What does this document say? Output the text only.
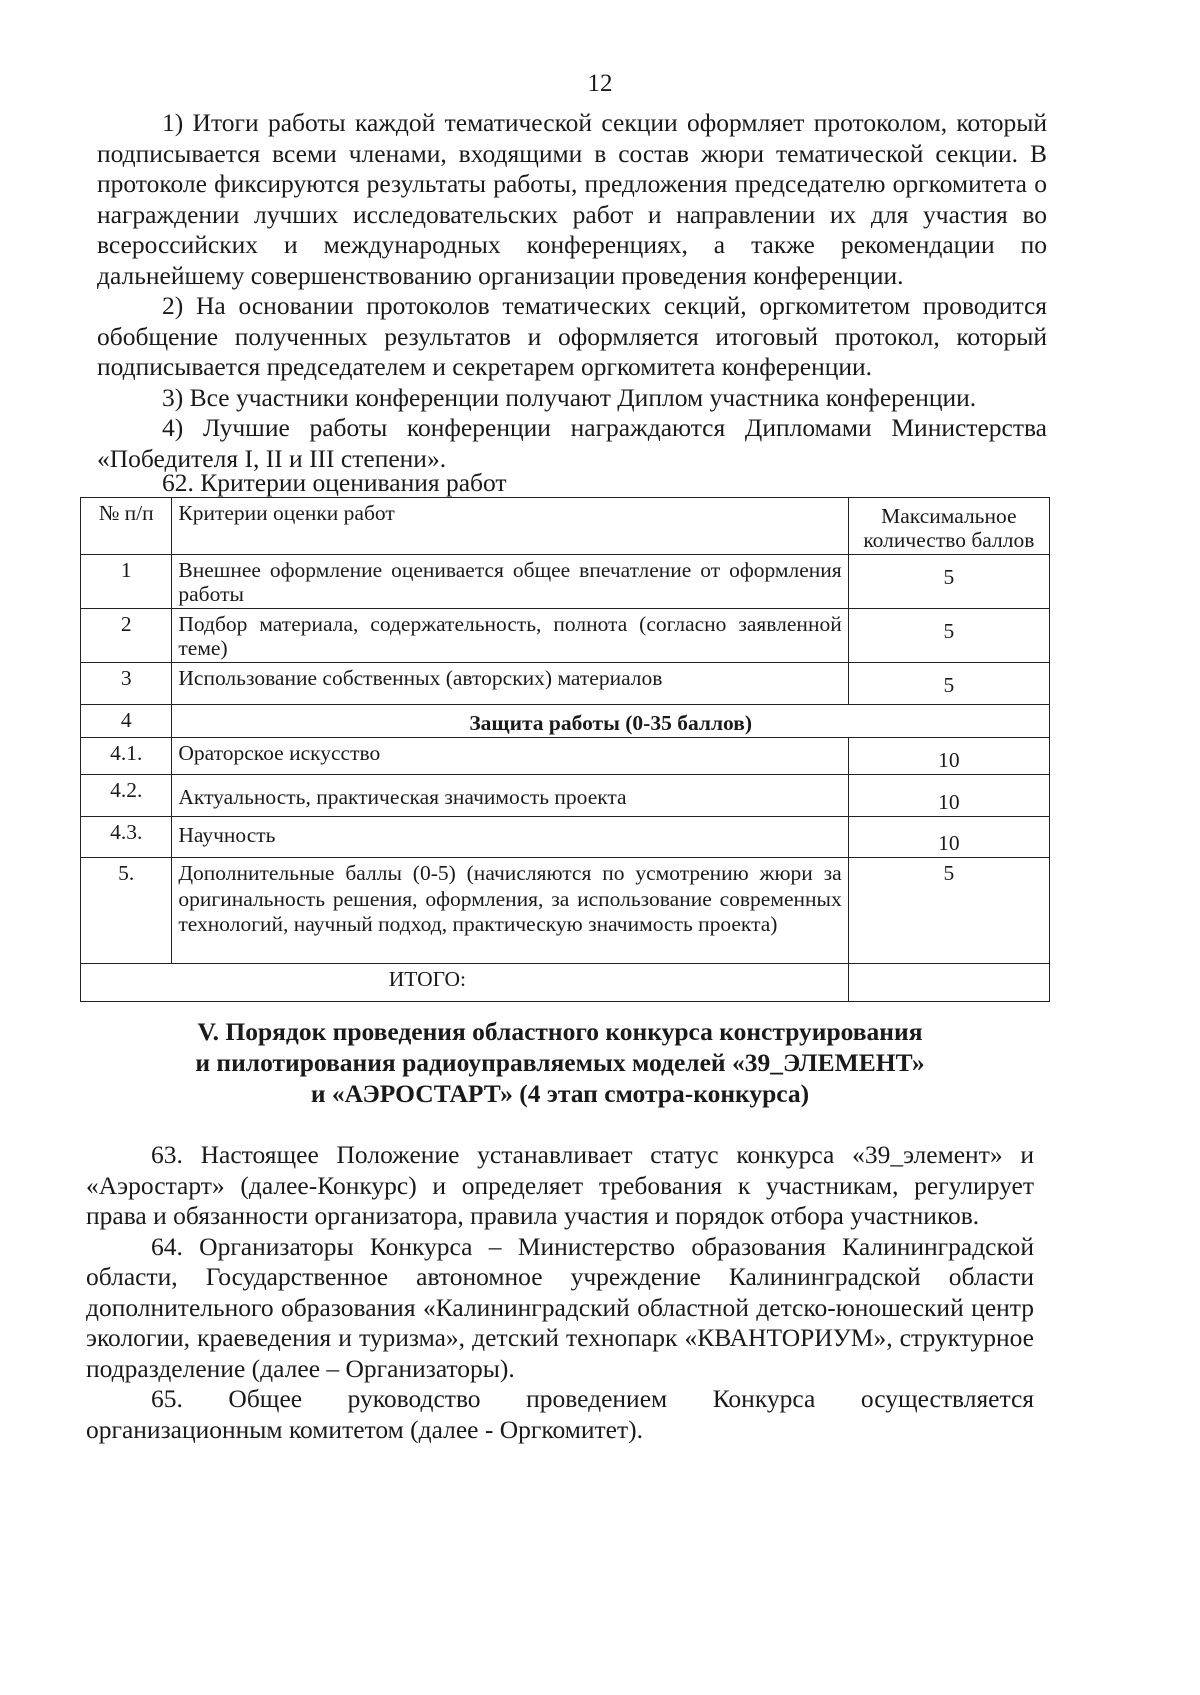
12

1) Итоги работы каждой тематической секции оформляет протоколом, который подписывается всеми членами, входящими в состав жюри тематической секции. В протоколе фиксируются результаты работы, предложения председателю оргкомитета о награждении лучших исследовательских работ и направлении их для участия во всероссийских и международных конференциях, а также рекомендации по дальнейшему совершенствованию организации проведения конференции.

2) На основании протоколов тематических секций, оргкомитетом проводится обобщение полученных результатов и оформляется итоговый протокол, который подписывается председателем и секретарем оргкомитета конференции.

3) Все участники конференции получают Диплом участника конференции.

4) Лучшие работы конференции награждаются Дипломами Министерства «Победителя I, II и III степени».

62. Критерии оценивания работ
№ п/п	Критерии оценки работ	Максимальное количество баллов
1	Внешнее оформление оценивается общее впечатление от оформления работы	5
2	Подбор материала, содержательность, полнота (согласно заявленной теме)	5
3	Использование собственных (авторских) материалов	5
4	Защита работы (0-35 баллов)	
4.1.	Ораторское искусство	10
4.2.	Актуальность, практическая значимость проекта	10
4.3.	Научность	10
5.	Дополнительные баллы (0-5) (начисляются по усмотрению жюри за оригинальность решения, оформления, за использование современных технологий, научный подход, практическую значимость проекта)	5
ИТОГО:		
V. Порядок проведения областного конкурса конструирования
и пилотирования радиоуправляемых моделей «39_ЭЛЕМЕНТ»
и «АЭРОСТАРТ» (4 этап смотра-конкурса)

63. Настоящее Положение устанавливает статус конкурса «39_элемент» и «Аэростарт» (далее-Конкурс) и определяет требования к участникам, регулирует права и обязанности организатора, правила участия и порядок отбора участников.

64. Организаторы Конкурса – Министерство образования Калининградской области, Государственное автономное учреждение Калининградской области дополнительного образования «Калининградский областной детско-юношеский центр экологии, краеведения и туризма», детский технопарк «КВАНТОРИУМ», структурное подразделение (далее – Организаторы).

65. Общее руководство проведением Конкурса осуществляется организационным комитетом (далее - Оргкомитет).
